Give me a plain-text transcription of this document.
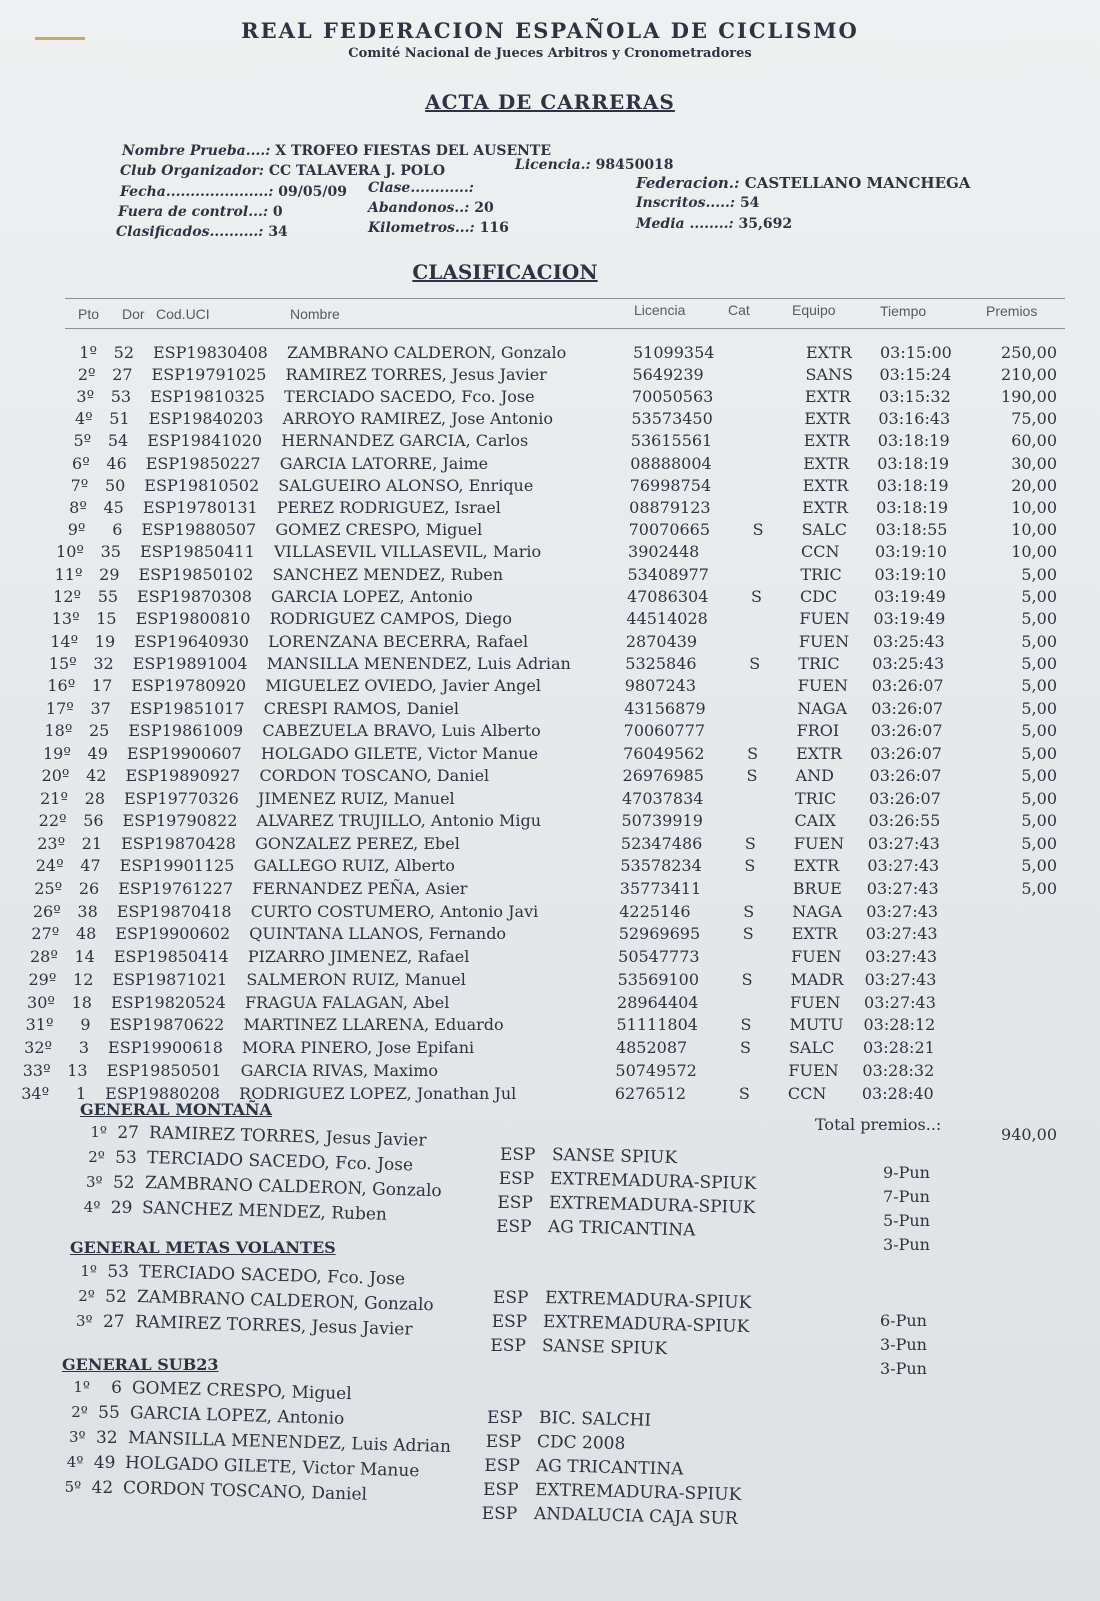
REAL FEDERACION ESPAÑOLA DE CICLISMO
Comité Nacional de Jueces Arbitros y Cronometradores
ACTA DE CARRERAS
Nombre Prueba....: X TROFEO FIESTAS DEL AUSENTE
Club Organizador: CC TALAVERA J. POLO	Licencia.: 98450018
Fecha.....................: 09/05/09 Clase............:	Federacion.: CASTELLANO MANCHEGA
Fuera de control...: 0	Abandonos..: 20	Inscritos.....: 54
Clasificados..........: 34	Kilometros...: 116	Media ........: 35,692
CLASIFICACION
Pto Dor Cod.UCI	Nombre	Licencia	Cat	Equipo	Tiempo	Premios
1º	52 ESP19830408 ZAMBRANO CALDERON, Gonzalo	51099354	EXTR 03:15:00	250,00
2º	27 ESP19791025 RAMIREZ TORRES, Jesus Javier	5649239	SANS 03:15:24	210,00
3º	53 ESP19810325 TERCIADO SACEDO, Fco. Jose	70050563	EXTR 03:15:32	190,00
4º	51 ESP19840203 ARROYO RAMIREZ, Jose Antonio	53573450	EXTR 03:16:43	75,00
5º	54 ESP19841020 HERNANDEZ GARCIA, Carlos	53615561	EXTR 03:18:19	60,00
6º	46 ESP19850227 GARCIA LATORRE, Jaime	08888004	EXTR 03:18:19	30,00
7º	50 ESP19810502 SALGUEIRO ALONSO, Enrique	76998754	EXTR 03:18:19	20,00
8º	45 ESP19780131 PEREZ RODRIGUEZ, Israel	08879123	EXTR 03:18:19	10,00
9º	6 ESP19880507 GOMEZ CRESPO, Miguel	70070665	S SALC 03:18:55	10,00
10º	35 ESP19850411 VILLASEVIL VILLASEVIL, Mario	3902448	CCN 03:19:10	10,00
11º	29 ESP19850102 SANCHEZ MENDEZ, Ruben	53408977	TRIC 03:19:10	5,00
12º	55 ESP19870308 GARCIA LOPEZ, Antonio	47086304	S CDC 03:19:49	5,00
13º	15 ESP19800810 RODRIGUEZ CAMPOS, Diego	44514028	FUEN 03:19:49	5,00
14º	19 ESP19640930 LORENZANA BECERRA, Rafael	2870439	FUEN 03:25:43	5,00
15º	32 ESP19891004 MANSILLA MENENDEZ, Luis Adrian	5325846	S TRIC 03:25:43	5,00
16º	17 ESP19780920 MIGUELEZ OVIEDO, Javier Angel	9807243	FUEN 03:26:07	5,00
17º	37 ESP19851017 CRESPI RAMOS, Daniel	43156879	NAGA 03:26:07	5,00
18º	25 ESP19861009 CABEZUELA BRAVO, Luis Alberto	70060777	FROI 03:26:07	5,00
19º	49 ESP19900607 HOLGADO GILETE, Victor Manue	76049562	S EXTR 03:26:07	5,00
20º	42 ESP19890927 CORDON TOSCANO, Daniel	26976985	S AND 03:26:07	5,00
21º	28 ESP19770326 JIMENEZ RUIZ, Manuel	47037834	TRIC 03:26:07	5,00
22º	56 ESP19790822 ALVAREZ TRUJILLO, Antonio Migu	50739919	CAIX 03:26:55	5,00
23º	21 ESP19870428 GONZALEZ PEREZ, Ebel	52347486	S FUEN 03:27:43	5,00
24º	47 ESP19901125 GALLEGO RUIZ, Alberto	53578234	S EXTR 03:27:43	5,00
25º	26 ESP19761227 FERNANDEZ PEÑA, Asier	35773411	BRUE 03:27:43	5,00
26º	38 ESP19870418 CURTO COSTUMERO, Antonio Javi	4225146	S NAGA 03:27:43
27º	48 ESP19900602 QUINTANA LLANOS, Fernando	52969695	S EXTR 03:27:43
28º	14 ESP19850414 PIZARRO JIMENEZ, Rafael	50547773	FUEN 03:27:43
29º	12 ESP19871021 SALMERON RUIZ, Manuel	53569100	S MADR 03:27:43
30º	18 ESP19820524 FRAGUA FALAGAN, Abel	28964404	FUEN 03:27:43
31º	9 ESP19870622 MARTINEZ LLARENA, Eduardo	51111804	S MUTU 03:28:12
32º	3 ESP19900618 MORA PINERO, Jose Epifani	4852087	S SALC 03:28:21
33º	13 ESP19850501 GARCIA RIVAS, Maximo	50749572	FUEN 03:28:32
34º	1 ESP19880208 RODRIGUEZ LOPEZ, Jonathan Jul	6276512	S CCN 03:28:40
Total premios..:
940,00
GENERAL MONTAÑA
1º 27 RAMIREZ TORRES, Jesus Javier
ESP SANSE SPIUK
9-Pun
2º 53 TERCIADO SACEDO, Fco. Jose
ESP EXTREMADURA-SPIUK
7-Pun
3º 52 ZAMBRANO CALDERON, Gonzalo
ESP EXTREMADURA-SPIUK
5-Pun
4º 29 SANCHEZ MENDEZ, Ruben
ESP AG TRICANTINA
3-Pun
GENERAL METAS VOLANTES
1º 53 TERCIADO SACEDO, Fco. Jose
ESP EXTREMADURA-SPIUK
6-Pun
2º 52 ZAMBRANO CALDERON, Gonzalo
ESP EXTREMADURA-SPIUK
3-Pun
3º 27 RAMIREZ TORRES, Jesus Javier
ESP SANSE SPIUK
3-Pun
GENERAL SUB23
1º	6 GOMEZ CRESPO, Miguel
ESP BIC. SALCHI
2º 55 GARCIA LOPEZ, Antonio
ESP CDC 2008
3º 32 MANSILLA MENENDEZ, Luis Adrian
ESP AG TRICANTINA
4º 49 HOLGADO GILETE, Victor Manue
ESP EXTREMADURA-SPIUK
5º 42 CORDON TOSCANO, Daniel
ESP ANDALUCIA CAJA SUR
